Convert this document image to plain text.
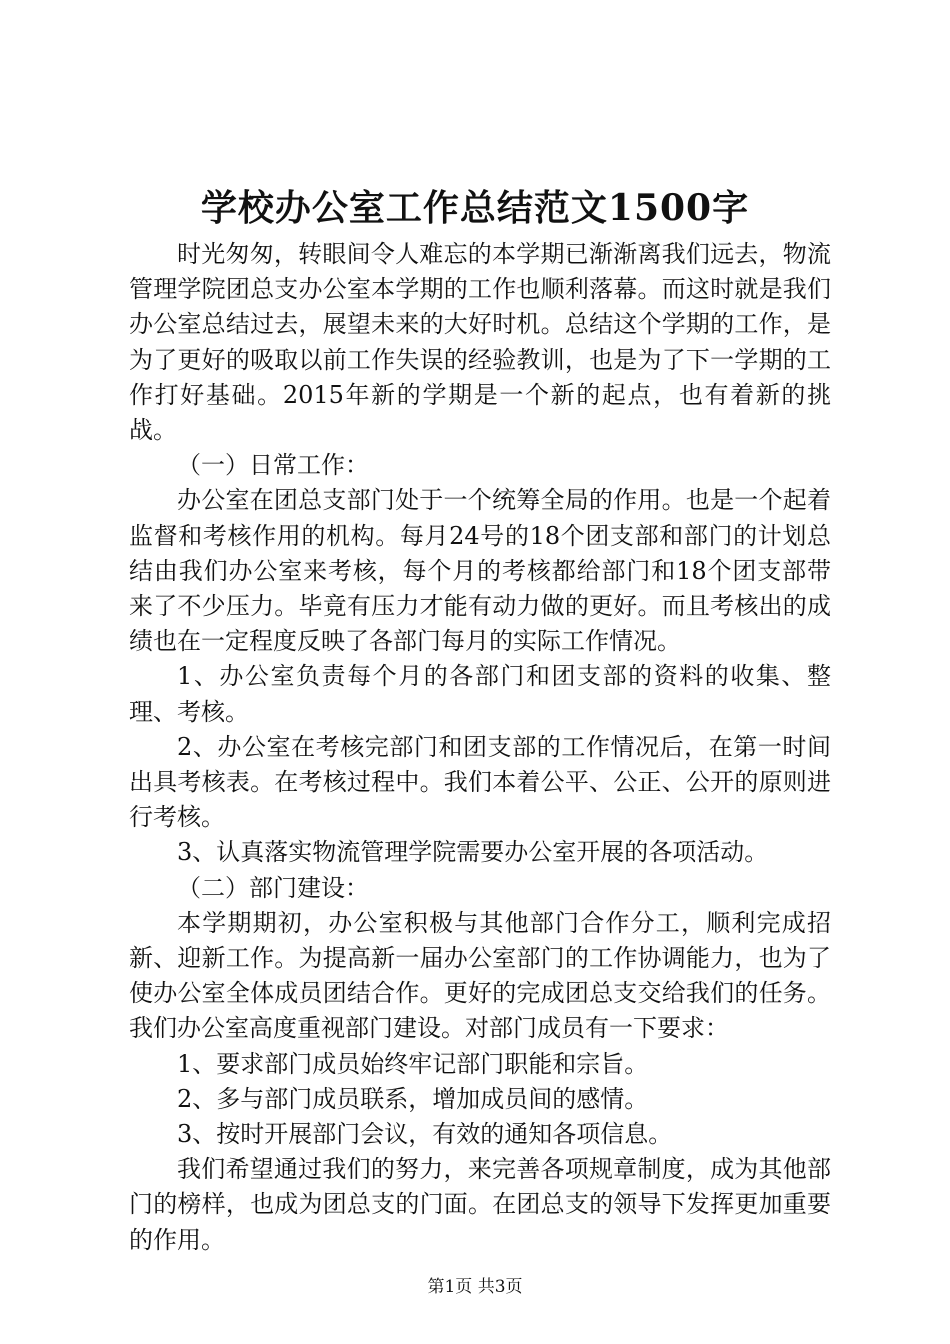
学校办公室工作总结范文1500字

时光匆匆，转眼间令人难忘的本学期已渐渐离我们远去，物流管理学院团总支办公室本学期的工作也顺利落幕。而这时就是我们办公室总结过去，展望未来的大好时机。总结这个学期的工作，是为了更好的吸取以前工作失误的经验教训，也是为了下一学期的工作打好基础。2015年新的学期是一个新的起点，也有着新的挑战。

（一）日常工作：

办公室在团总支部门处于一个统筹全局的作用。也是一个起着监督和考核作用的机构。每月24号的18个团支部和部门的计划总结由我们办公室来考核，每个月的考核都给部门和18个团支部带来了不少压力。毕竟有压力才能有动力做的更好。而且考核出的成绩也在一定程度反映了各部门每月的实际工作情况。

1、办公室负责每个月的各部门和团支部的资料的收集、整理、考核。

2、办公室在考核完部门和团支部的工作情况后，在第一时间出具考核表。在考核过程中。我们本着公平、公正、公开的原则进行考核。

3、认真落实物流管理学院需要办公室开展的各项活动。

（二）部门建设：

本学期期初，办公室积极与其他部门合作分工，顺利完成招新、迎新工作。为提高新一届办公室部门的工作协调能力，也为了使办公室全体成员团结合作。更好的完成团总支交给我们的任务。我们办公室高度重视部门建设。对部门成员有一下要求：

1、要求部门成员始终牢记部门职能和宗旨。

2、多与部门成员联系，增加成员间的感情。

3、按时开展部门会议，有效的通知各项信息。

我们希望通过我们的努力，来完善各项规章制度，成为其他部门的榜样，也成为团总支的门面。在团总支的领导下发挥更加重要的作用。

第1页 共3页
